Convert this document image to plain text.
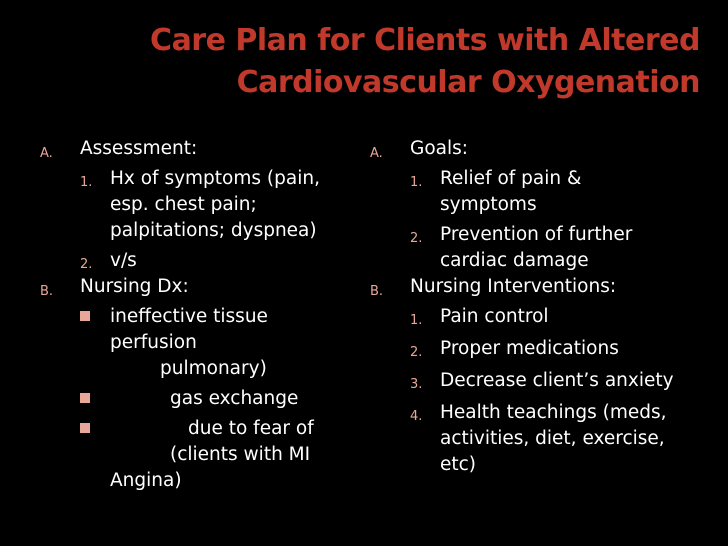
Care Plan for Clients with Altered
Cardiovascular Oxygenation
A. Assessment:
1. Hx of symptoms (pain,
esp. chest pain;
palpitations; dyspnea)
2. v/s
B. Nursing Dx:
ineffective tissue
perfusion
pulmonary)
gas exchange
due to fear of
(clients with MI
Angina)
A. Goals:
1. Relief of pain &
symptoms
2. Prevention of further
cardiac damage
B. Nursing Interventions:
1. Pain control
2. Proper medications
3. Decrease client’s anxiety
4. Health teachings (meds,
activities, diet, exercise,
etc)
